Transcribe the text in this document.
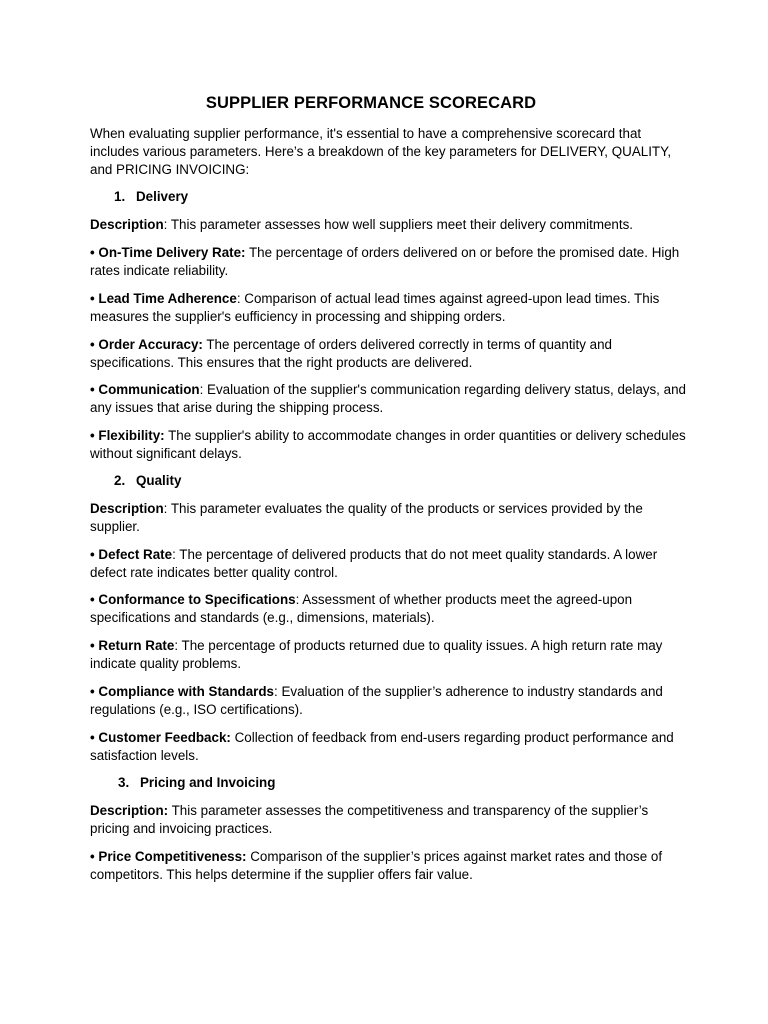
SUPPLIER PERFORMANCE SCORECARD

When evaluating supplier performance, it's essential to have a comprehensive scorecard that includes various parameters. Here’s a breakdown of the key parameters for DELIVERY, QUALITY, and PRICING INVOICING:

1. Delivery

Description: This parameter assesses how well suppliers meet their delivery commitments.

• On-Time Delivery Rate: The percentage of orders delivered on or before the promised date. High rates indicate reliability.

• Lead Time Adherence: Comparison of actual lead times against agreed-upon lead times. This measures the supplier's eufficiency in processing and shipping orders.

• Order Accuracy: The percentage of orders delivered correctly in terms of quantity and specifications. This ensures that the right products are delivered.

• Communication: Evaluation of the supplier's communication regarding delivery status, delays, and any issues that arise during the shipping process.

• Flexibility: The supplier's ability to accommodate changes in order quantities or delivery schedules without significant delays.

2. Quality

Description: This parameter evaluates the quality of the products or services provided by the supplier.

• Defect Rate: The percentage of delivered products that do not meet quality standards. A lower defect rate indicates better quality control.

• Conformance to Specifications: Assessment of whether products meet the agreed-upon specifications and standards (e.g., dimensions, materials).

• Return Rate: The percentage of products returned due to quality issues. A high return rate may indicate quality problems.

• Compliance with Standards: Evaluation of the supplier’s adherence to industry standards and regulations (e.g., ISO certifications).

• Customer Feedback: Collection of feedback from end-users regarding product performance and satisfaction levels.

3. Pricing and Invoicing

Description: This parameter assesses the competitiveness and transparency of the supplier’s pricing and invoicing practices.

• Price Competitiveness: Comparison of the supplier’s prices against market rates and those of competitors. This helps determine if the supplier offers fair value.
